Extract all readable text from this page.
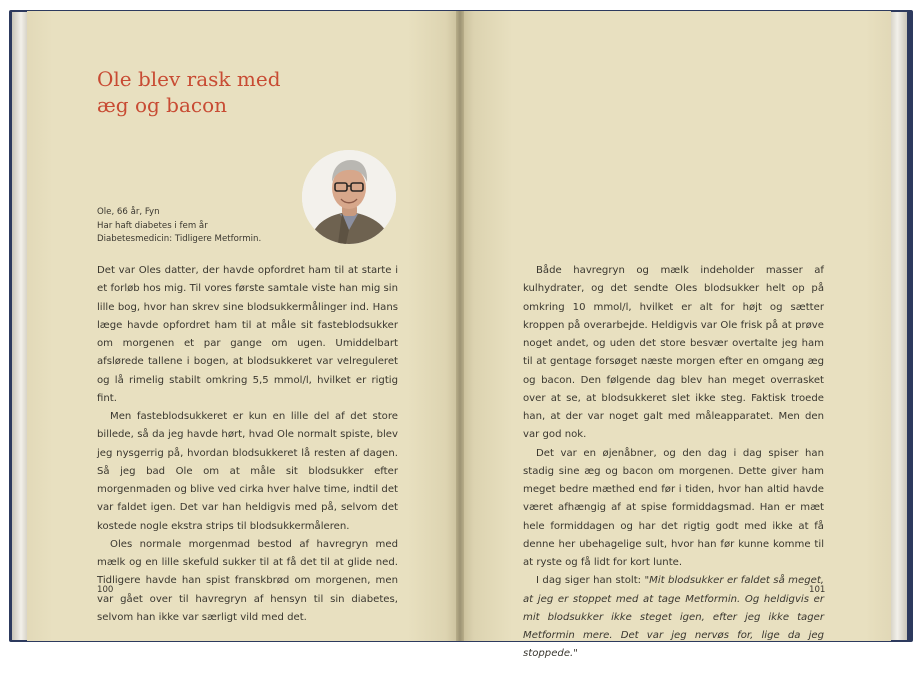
Ole blev rask med
æg og bacon
Ole, 66 år, Fyn
Har haft diabetes i fem år
Diabetesmedicin: Tidligere Metformin.

Det var Oles datter, der havde opfordret ham til at starte i et forløb hos mig. Til vores første samtale viste han mig sin lille bog, hvor han skrev sine blodsukkermålinger ind. Hans læge havde opfordret ham til at måle sit fasteblodsukker om morgenen et par gange om ugen. Umiddelbart afslørede tallene i bogen, at blodsukkeret var velreguleret og lå rimelig stabilt omkring 5,5 mmol/l, hvilket er rigtig fint.

Men fasteblodsukkeret er kun en lille del af det store billede, så da jeg havde hørt, hvad Ole normalt spiste, blev jeg nysgerrig på, hvordan blodsukkeret lå resten af dagen. Så jeg bad Ole om at måle sit blodsukker efter morgenmaden og blive ved cirka hver halve time, indtil det var faldet igen. Det var han heldigvis med på, selvom det kostede nogle ekstra strips til blodsukkermåleren.

Oles normale morgenmad bestod af havregryn med mælk og en lille skefuld sukker til at få det til at glide ned. Tidligere havde han spist franskbrød om morgenen, men var gået over til havregryn af hensyn til sin diabetes, selvom han ikke var særligt vild med det.

Både havregryn og mælk indeholder masser af kulhydrater, og det sendte Oles blodsukker helt op på omkring 10 mmol/l, hvilket er alt for højt og sætter kroppen på overarbejde. Heldigvis var Ole frisk på at prøve noget andet, og uden det store besvær overtalte jeg ham til at gentage forsøget næste morgen efter en omgang æg og bacon. Den følgende dag blev han meget overrasket over at se, at blodsukkeret slet ikke steg. Faktisk troede han, at der var noget galt med måleapparatet. Men den var god nok.

Det var en øjenåbner, og den dag i dag spiser han stadig sine æg og bacon om morgenen. Dette giver ham meget bedre mæthed end før i tiden, hvor han altid havde været afhængig af at spise formiddagsmad. Han er mæt hele formiddagen og har det rigtig godt med ikke at få denne her ubehagelige sult, hvor han før kunne komme til at ryste og få lidt for kort lunte.

I dag siger han stolt: "Mit blodsukker er faldet så meget, at jeg er stoppet med at tage Metformin. Og heldigvis er mit blodsukker ikke steget igen, efter jeg ikke tager Metformin mere. Det var jeg nervøs for, lige da jeg stoppede."

100	101
